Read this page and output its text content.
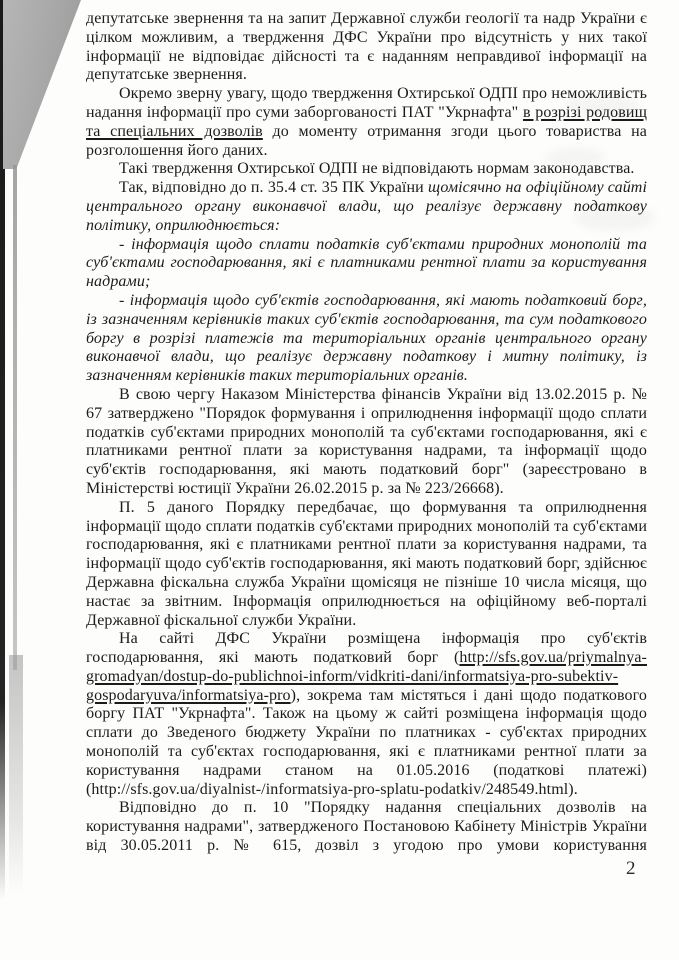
депутатське звернення та на запит Державної служби геології та надр України є цілком можливим, а твердження ДФС України про відсутність у них такої інформації не відповідає дійсності та є наданням неправдивої інформації на депутатське звернення.

Окремо зверну увагу, щодо твердження Охтирської ОДПІ про неможливість надання інформації про суми заборгованості ПАТ "Укрнафта" в розрізі родовищ та спеціальних дозволів до моменту отримання згоди цього товариства на розголошення його даних.

Такі твердження Охтирської ОДПІ не відповідають нормам законодавства.

Так, відповідно до п. 35.4 ст. 35 ПК України щомісячно на офіційному сайті центрального органу виконавчої влади, що реалізує державну податкову політику, оприлюднюється:

- інформація щодо сплати податків суб'єктами природних монополій та суб'єктами господарювання, які є платниками рентної плати за користування надрами;

- інформація щодо суб'єктів господарювання, які мають податковий борг, із зазначенням керівників таких суб'єктів господарювання, та сум податкового боргу в розрізі платежів та територіальних органів центрального органу виконавчої влади, що реалізує державну податкову і митну політику, із зазначенням керівників таких територіальних органів.

В свою чергу Наказом Міністерства фінансів України від 13.02.2015 р. № 67 затверджено "Порядок формування і оприлюднення інформації щодо сплати податків суб'єктами природних монополій та суб'єктами господарювання, які є платниками рентної плати за користування надрами, та інформації щодо суб'єктів господарювання, які мають податковий борг" (зареєстровано в Міністерстві юстиції України 26.02.2015 р. за № 223/26668).

П. 5 даного Порядку передбачає, що формування та оприлюднення інформації щодо сплати податків суб'єктами природних монополій та суб'єктами господарювання, які є платниками рентної плати за користування надрами, та інформації щодо суб'єктів господарювання, які мають податковий борг, здійснює Державна фіскальна служба України щомісяця не пізніше 10 числа місяця, що настає за звітним. Інформація оприлюднюється на офіційному веб-порталі Державної фіскальної служби України.

На сайті ДФС України розміщена інформація про суб'єктів господарювання, які мають податковий борг (http://sfs.gov.ua/priymalnya-gromadyan/dostup-do-publichnoi-inform/vidkriti-dani/informatsiya-pro-subektiv-gospodaryuva/informatsiya-pro), зокрема там містяться і дані щодо податкового боргу ПАТ "Укрнафта". Також на цьому ж сайті розміщена інформація щодо сплати до Зведеного бюджету України по платниках - суб'єктах природних монополій та суб'єктах господарювання, які є платниками рентної плати за користування надрами станом на 01.05.2016 (податкові платежі) (http://sfs.gov.ua/diyalnist-/informatsiya-pro-splatu-podatkiv/248549.html).

Відповідно до п. 10 "Порядку надання спеціальних дозволів на користування надрами", затвердженого Постановою Кабінету Міністрів України від 30.05.2011 р. № 615, дозвіл з угодою про умови користування

2
